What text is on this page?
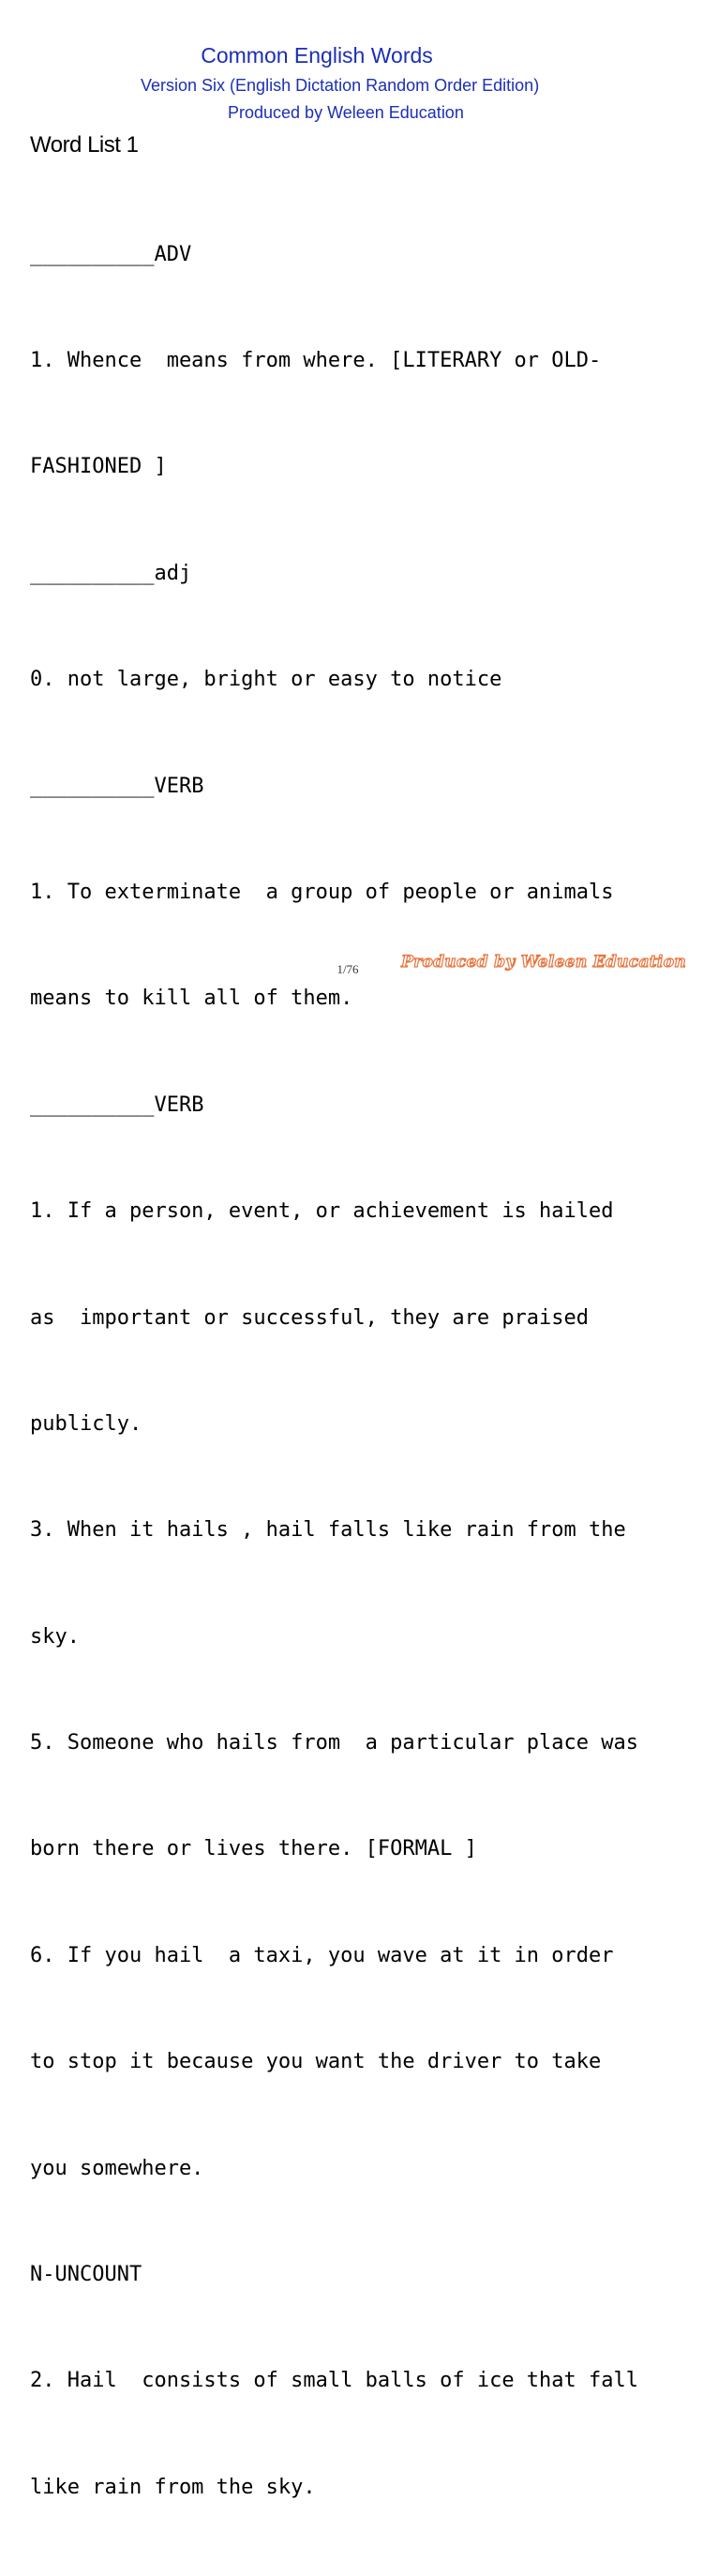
Common English Words
Version Six (English Dictation Random Order Edition)
Produced by Weleen Education
Word List 1

__________ADV

1. Whence  means from where. [LITERARY or OLD-

FASHIONED ]

__________adj

0. not large, bright or easy to notice

__________VERB

1. To exterminate  a group of people or animals

means to kill all of them.

__________VERB

1. If a person, event, or achievement is hailed

as  important or successful, they are praised

publicly.

3. When it hails , hail falls like rain from the

sky.

5. Someone who hails from  a particular place was

born there or lives there. [FORMAL ]

6. If you hail  a taxi, you wave at it in order

to stop it because you want the driver to take

you somewhere.

N-UNCOUNT

2. Hail  consists of small balls of ice that fall

like rain from the sky.

1/76	Produced by Weleen Education
